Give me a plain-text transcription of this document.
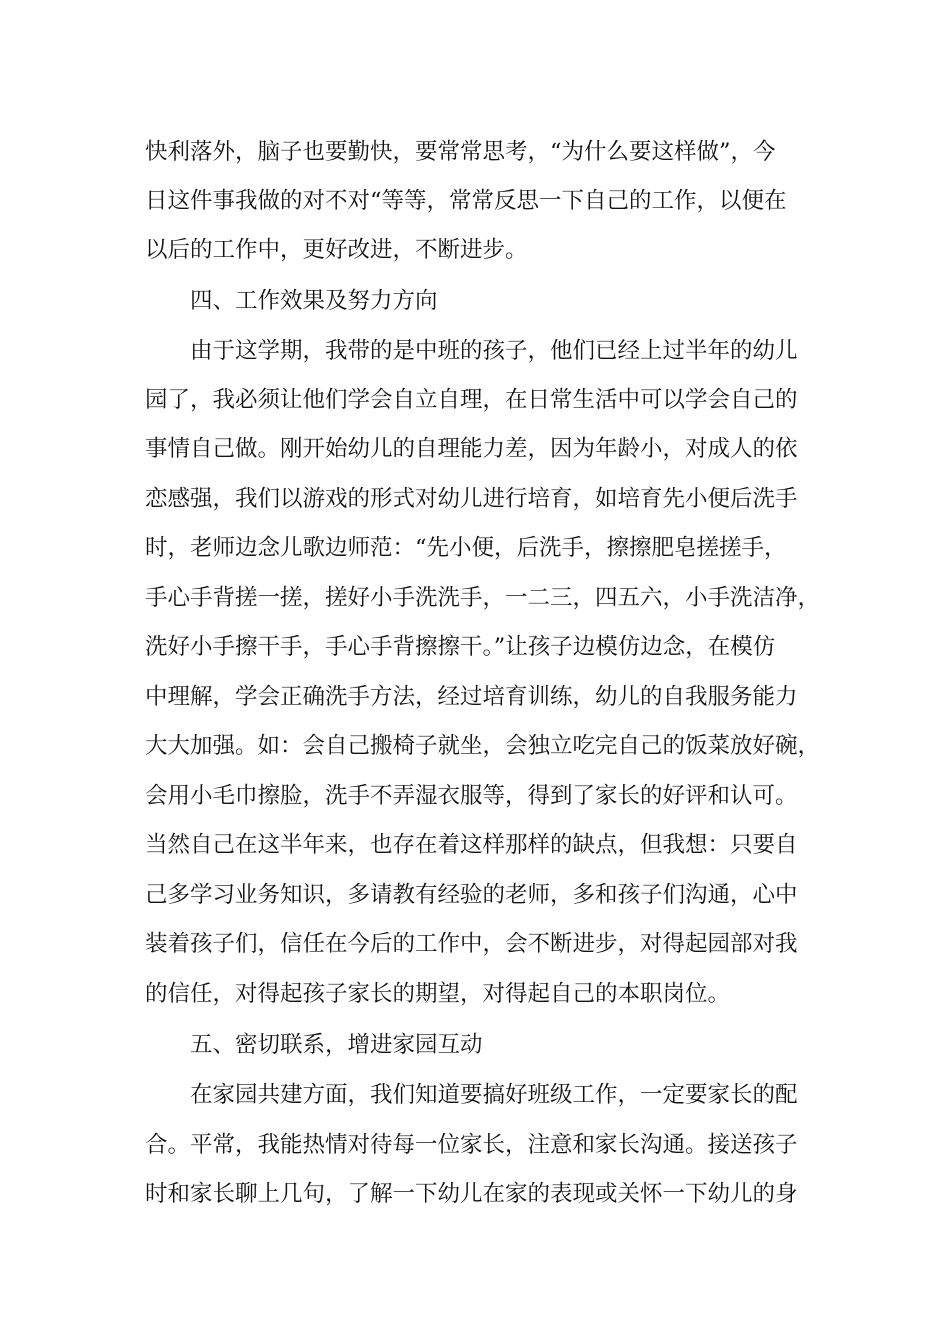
快利落外，脑子也要勤快，要常常思考，“为什么要这样做”，今
日这件事我做的对不对“等等，常常反思一下自己的工作，以便在
以后的工作中，更好改进，不断进步。
四、工作效果及努力方向
由于这学期，我带的是中班的孩子，他们已经上过半年的幼儿
园了，我必须让他们学会自立自理，在日常生活中可以学会自己的
事情自己做。刚开始幼儿的自理能力差，因为年龄小，对成人的依
恋感强，我们以游戏的形式对幼儿进行培育，如培育先小便后洗手
时，老师边念儿歌边师范：“先小便，后洗手，擦擦肥皂搓搓手，
手心手背搓一搓，搓好小手洗洗手，一二三，四五六，小手洗洁净，
洗好小手擦干手，手心手背擦擦干。”让孩子边模仿边念，在模仿
中理解，学会正确洗手方法，经过培育训练，幼儿的自我服务能力
大大加强。如：会自己搬椅子就坐，会独立吃完自己的饭菜放好碗，
会用小毛巾擦脸，洗手不弄湿衣服等，得到了家长的好评和认可。
当然自己在这半年来，也存在着这样那样的缺点，但我想：只要自
己多学习业务知识，多请教有经验的老师，多和孩子们沟通，心中
装着孩子们，信任在今后的工作中，会不断进步，对得起园部对我
的信任，对得起孩子家长的期望，对得起自己的本职岗位。
五、密切联系，增进家园互动
在家园共建方面，我们知道要搞好班级工作，一定要家长的配
合。平常，我能热情对待每一位家长，注意和家长沟通。接送孩子
时和家长聊上几句，了解一下幼儿在家的表现或关怀一下幼儿的身
